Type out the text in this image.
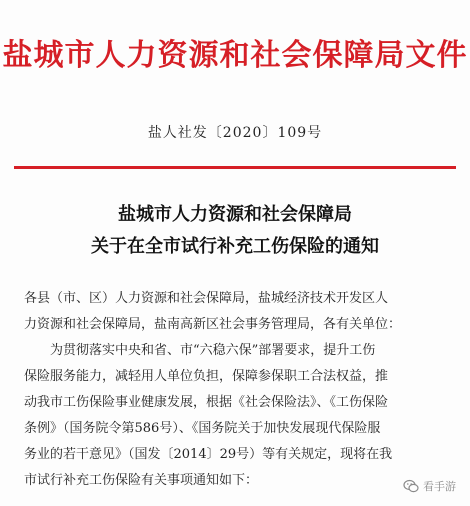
盐城市人力资源和社会保障局文件
盐人社发〔2020〕109号
盐城市人力资源和社会保障局
关于在全市试行补充工伤保险的通知
各县（市、区）人力资源和社会保障局，盐城经济技术开发区人
力资源和社会保障局，盐南高新区社会事务管理局，各有关单位：
为贯彻落实中央和省、市“六稳六保”部署要求，提升工伤
保险服务能力，减轻用人单位负担，保障参保职工合法权益，推
动我市工伤保险事业健康发展，根据《社会保险法》、《工伤保险
条例》（国务院令第586号）、《国务院关于加快发展现代保险服
务业的若干意见》（国发〔2014〕29号）等有关规定，现将在我
市试行补充工伤保险有关事项通知如下：	看手游
